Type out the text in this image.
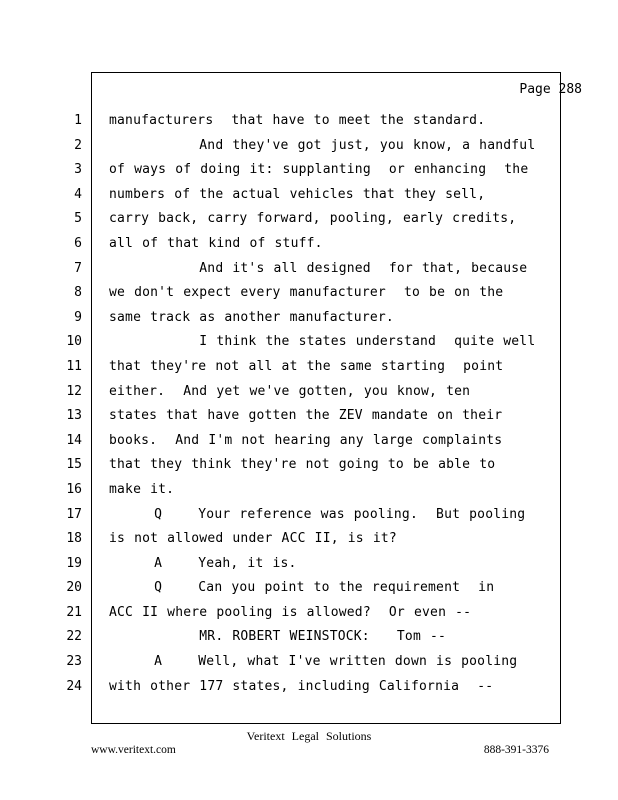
Page 288
1
2
3
4
5
6
7
8
9
10
11
12
13
14
15
16
17
18
19
20
21
22
23
24
manufacturers  that have to meet the standard.
And they've got just, you know, a handful
of ways of doing it: supplanting  or enhancing  the
numbers of the actual vehicles that they sell,
carry back, carry forward, pooling, early credits,
all of that kind of stuff.
And it's all designed  for that, because
we don't expect every manufacturer  to be on the
same track as another manufacturer.
I think the states understand  quite well
that they're not all at the same starting  point
either.  And yet we've gotten, you know, ten
states that have gotten the ZEV mandate on their
books.  And I'm not hearing any large complaints
that they think they're not going to be able to
make it.
Q    Your reference was pooling.  But pooling
is not allowed under ACC II, is it?
A    Yeah, it is.
Q    Can you point to the requirement  in
ACC II where pooling is allowed?  Or even --
MR. ROBERT WEINSTOCK:   Tom --
A    Well, what I've written down is pooling
with other 177 states, including California  --
Veritext Legal Solutions
www.veritext.com	888-391-3376
